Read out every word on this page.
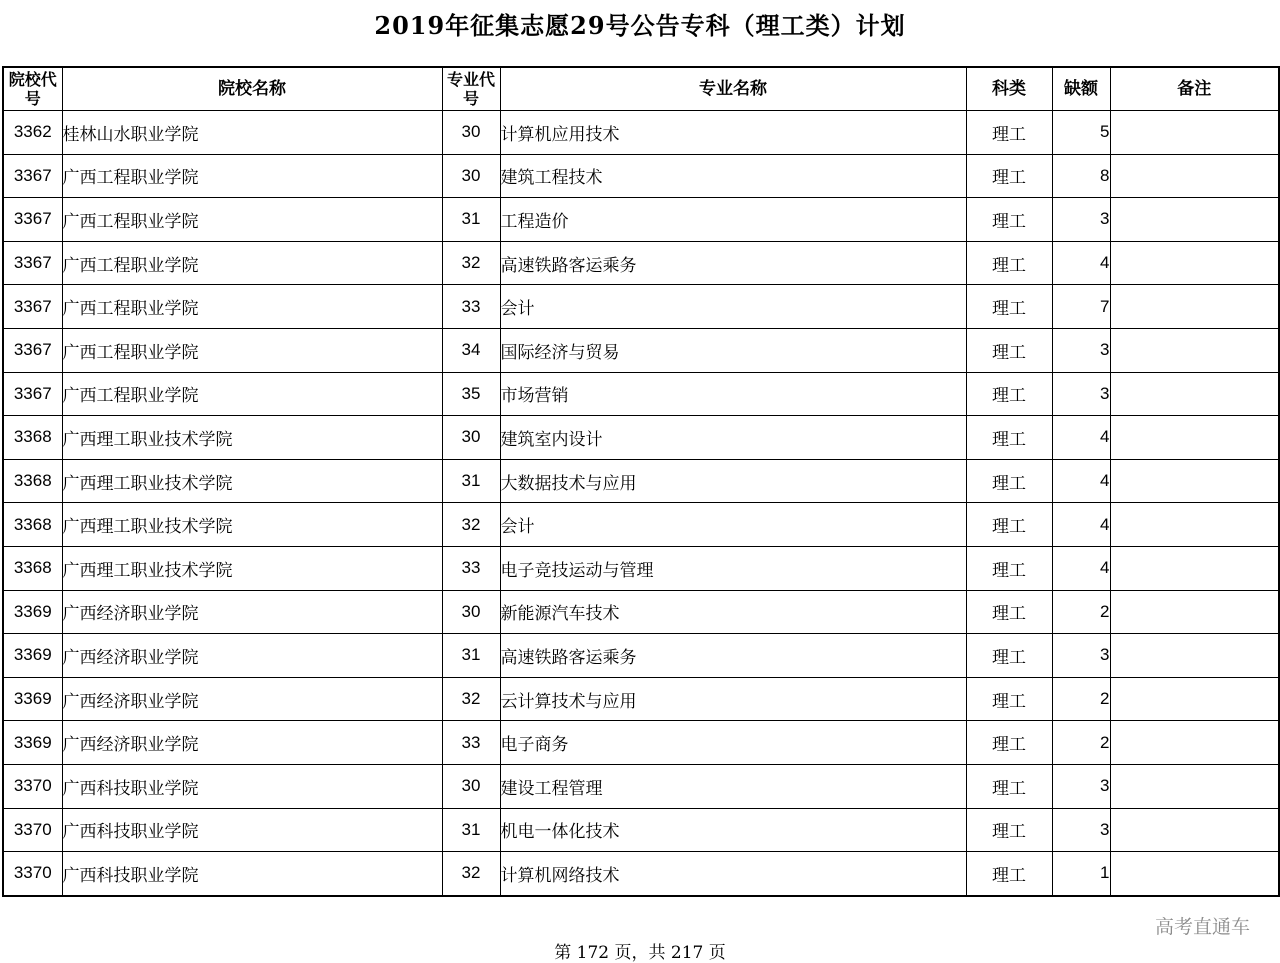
2019年征集志愿29号公告专科（理工类）计划
院校代号	院校名称	专业代号	专业名称	科类	缺额	备注
3362	桂林山水职业学院	30	计算机应用技术	理工	5	
3367	广西工程职业学院	30	建筑工程技术	理工	8	
3367	广西工程职业学院	31	工程造价	理工	3	
3367	广西工程职业学院	32	高速铁路客运乘务	理工	4	
3367	广西工程职业学院	33	会计	理工	7	
3367	广西工程职业学院	34	国际经济与贸易	理工	3	
3367	广西工程职业学院	35	市场营销	理工	3	
3368	广西理工职业技术学院	30	建筑室内设计	理工	4	
3368	广西理工职业技术学院	31	大数据技术与应用	理工	4	
3368	广西理工职业技术学院	32	会计	理工	4	
3368	广西理工职业技术学院	33	电子竞技运动与管理	理工	4	
3369	广西经济职业学院	30	新能源汽车技术	理工	2	
3369	广西经济职业学院	31	高速铁路客运乘务	理工	3	
3369	广西经济职业学院	32	云计算技术与应用	理工	2	
3369	广西经济职业学院	33	电子商务	理工	2	
3370	广西科技职业学院	30	建设工程管理	理工	3	
3370	广西科技职业学院	31	机电一体化技术	理工	3	
3370	广西科技职业学院	32	计算机网络技术	理工	1	
高考直通车
第 172 页，共 217 页
